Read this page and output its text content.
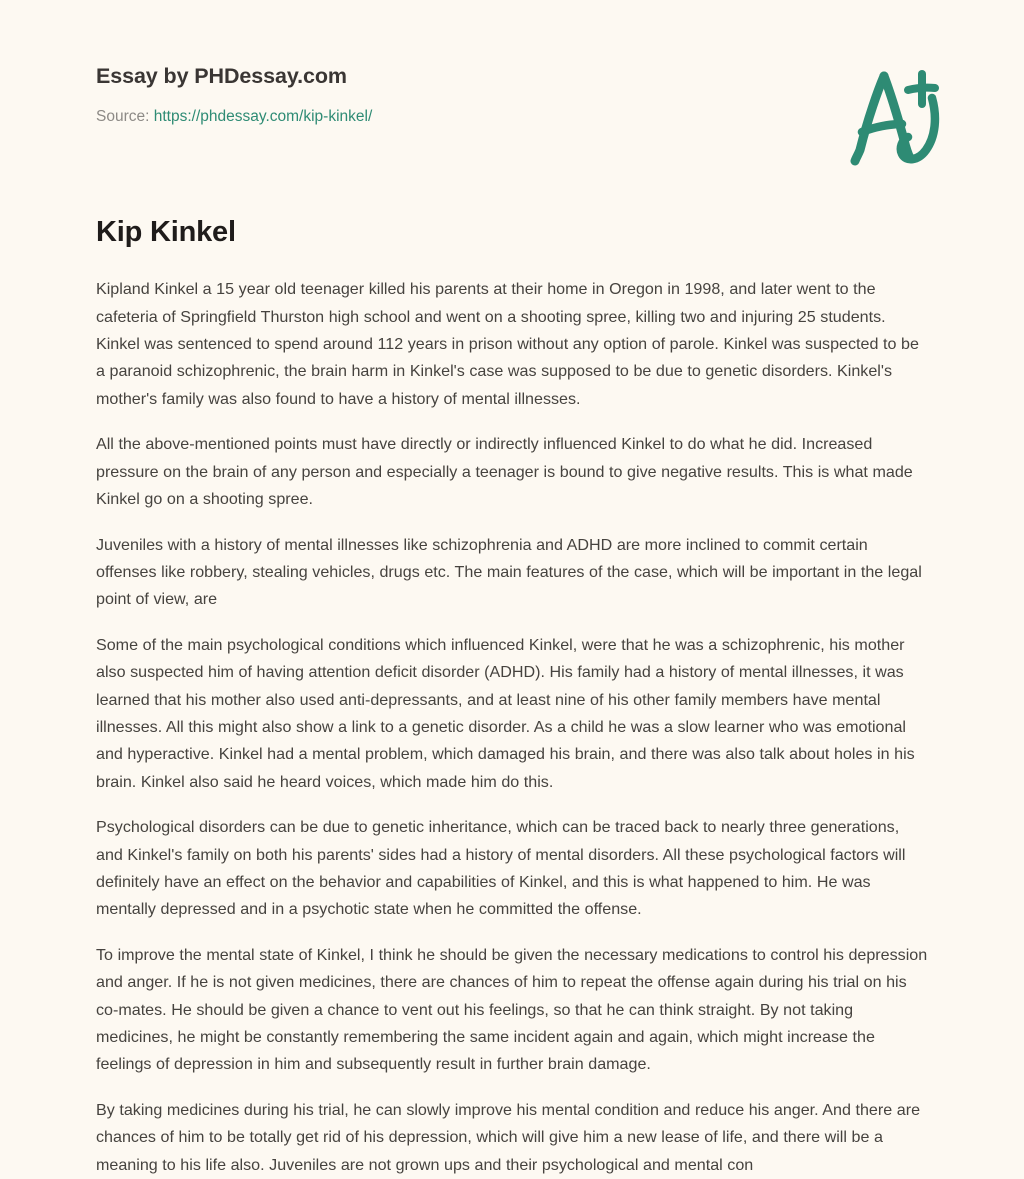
Essay by PHDessay.com
Source: https://phdessay.com/kip-kinkel/
Kip Kinkel

Kipland Kinkel a 15 year old teenager killed his parents at their home in Oregon in 1998, and later went to the cafeteria of Springfield Thurston high school and went on a shooting spree, killing two and injuring 25 students. Kinkel was sentenced to spend around 112 years in prison without any option of parole. Kinkel was suspected to be a paranoid schizophrenic, the brain harm in Kinkel's case was supposed to be due to genetic disorders. Kinkel's mother's family was also found to have a history of mental illnesses.

All the above-mentioned points must have directly or indirectly influenced Kinkel to do what he did. Increased pressure on the brain of any person and especially a teenager is bound to give negative results. This is what made Kinkel go on a shooting spree.

Juveniles with a history of mental illnesses like schizophrenia and ADHD are more inclined to commit certain offenses like robbery, stealing vehicles, drugs etc. The main features of the case, which will be important in the legal point of view, are

Some of the main psychological conditions which influenced Kinkel, were that he was a schizophrenic, his mother also suspected him of having attention deficit disorder (ADHD). His family had a history of mental illnesses, it was learned that his mother also used anti-depressants, and at least nine of his other family members have mental illnesses. All this might also show a link to a genetic disorder. As a child he was a slow learner who was emotional and hyperactive. Kinkel had a mental problem, which damaged his brain, and there was also talk about holes in his brain. Kinkel also said he heard voices, which made him do this.

Psychological disorders can be due to genetic inheritance, which can be traced back to nearly three generations, and Kinkel's family on both his parents' sides had a history of mental disorders. All these psychological factors will definitely have an effect on the behavior and capabilities of Kinkel, and this is what happened to him. He was mentally depressed and in a psychotic state when he committed the offense.

To improve the mental state of Kinkel, I think he should be given the necessary medications to control his depression and anger. If he is not given medicines, there are chances of him to repeat the offense again during his trial on his co-mates. He should be given a chance to vent out his feelings, so that he can think straight. By not taking medicines, he might be constantly remembering the same incident again and again, which might increase the feelings of depression in him and subsequently result in further brain damage.

By taking medicines during his trial, he can slowly improve his mental condition and reduce his anger. And there are chances of him to be totally get rid of his depression, which will give him a new lease of life, and there will be a meaning to his life also. Juveniles are not grown ups and their psychological and mental con
